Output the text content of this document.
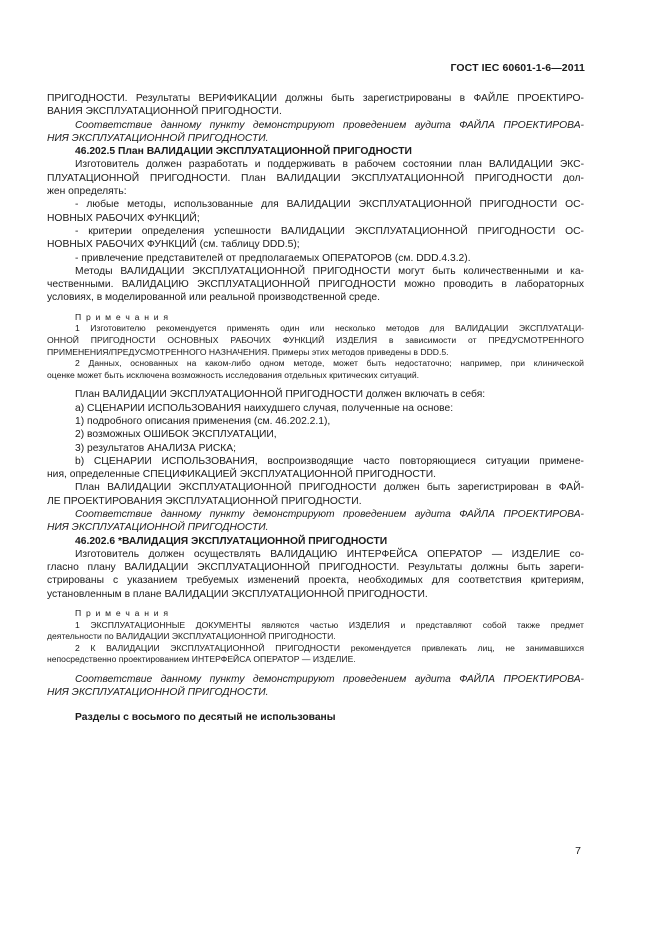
ГОСТ IEC 60601-1-6—2011
ПРИГОДНОСТИ. Результаты ВЕРИФИКАЦИИ должны быть зарегистрированы в ФАЙЛЕ ПРОЕКТИРО-
ВАНИЯ ЭКСПЛУАТАЦИОННОЙ ПРИГОДНОСТИ.
Соответствие данному пункту демонстрируют проведением аудита ФАЙЛА ПРОЕКТИРОВА-
НИЯ ЭКСПЛУАТАЦИОННОЙ ПРИГОДНОСТИ.
46.202.5 План ВАЛИДАЦИИ ЭКСПЛУАТАЦИОННОЙ ПРИГОДНОСТИ
Изготовитель должен разработать и поддерживать в рабочем состоянии план ВАЛИДАЦИИ ЭКС-
ПЛУАТАЦИОННОЙ ПРИГОДНОСТИ. План ВАЛИДАЦИИ ЭКСПЛУАТАЦИОННОЙ ПРИГОДНОСТИ дол-
жен определять:
- любые методы, использованные для ВАЛИДАЦИИ ЭКСПЛУАТАЦИОННОЙ ПРИГОДНОСТИ ОС-
НОВНЫХ РАБОЧИХ ФУНКЦИЙ;
- критерии определения успешности ВАЛИДАЦИИ ЭКСПЛУАТАЦИОННОЙ ПРИГОДНОСТИ ОС-
НОВНЫХ РАБОЧИХ ФУНКЦИЙ (см. таблицу DDD.5);
- привлечение представителей от предполагаемых ОПЕРАТОРОВ (см. DDD.4.3.2).
Методы ВАЛИДАЦИИ ЭКСПЛУАТАЦИОННОЙ ПРИГОДНОСТИ могут быть количественными и ка-
чественными. ВАЛИДАЦИЮ ЭКСПЛУАТАЦИОННОЙ ПРИГОДНОСТИ можно проводить в лабораторных
условиях, в моделированной или реальной производственной среде.
П р и м е ч а н и я
1 Изготовителю рекомендуется применять один или несколько методов для ВАЛИДАЦИИ ЭКСПЛУАТАЦИ-
ОННОЙ ПРИГОДНОСТИ ОСНОВНЫХ РАБОЧИХ ФУНКЦИЙ ИЗДЕЛИЯ в зависимости от ПРЕДУСМОТРЕННОГО
ПРИМЕНЕНИЯ/ПРЕДУСМОТРЕННОГО НАЗНАЧЕНИЯ. Примеры этих методов приведены в DDD.5.
2 Данных, основанных на каком-либо одном методе, может быть недостаточно; например, при клинической
оценке может быть исключена возможность исследования отдельных критических ситуаций.
План ВАЛИДАЦИИ ЭКСПЛУАТАЦИОННОЙ ПРИГОДНОСТИ должен включать в себя:
а) СЦЕНАРИИ ИСПОЛЬЗОВАНИЯ наихудшего случая, полученные на основе:
1) подробного описания применения (см. 46.202.2.1),
2) возможных ОШИБОК ЭКСПЛУАТАЦИИ,
3) результатов АНАЛИЗА РИСКА;
b) СЦЕНАРИИ ИСПОЛЬЗОВАНИЯ, воспроизводящие часто повторяющиеся ситуации примене-
ния, определенные СПЕЦИФИКАЦИЕЙ ЭКСПЛУАТАЦИОННОЙ ПРИГОДНОСТИ.
План ВАЛИДАЦИИ ЭКСПЛУАТАЦИОННОЙ ПРИГОДНОСТИ должен быть зарегистрирован в ФАЙ-
ЛЕ ПРОЕКТИРОВАНИЯ ЭКСПЛУАТАЦИОННОЙ ПРИГОДНОСТИ.
Соответствие данному пункту демонстрируют проведением аудита ФАЙЛА ПРОЕКТИРОВА-
НИЯ ЭКСПЛУАТАЦИОННОЙ ПРИГОДНОСТИ.
46.202.6 *ВАЛИДАЦИЯ ЭКСПЛУАТАЦИОННОЙ ПРИГОДНОСТИ
Изготовитель должен осуществлять ВАЛИДАЦИЮ ИНТЕРФЕЙСА ОПЕРАТОР — ИЗДЕЛИЕ со-
гласно плану ВАЛИДАЦИИ ЭКСПЛУАТАЦИОННОЙ ПРИГОДНОСТИ. Результаты должны быть зареги-
стрированы с указанием требуемых изменений проекта, необходимых для соответствия критериям,
установленным в плане ВАЛИДАЦИИ ЭКСПЛУАТАЦИОННОЙ ПРИГОДНОСТИ.
П р и м е ч а н и я
1 ЭКСПЛУАТАЦИОННЫЕ ДОКУМЕНТЫ являются частью ИЗДЕЛИЯ и представляют собой также предмет
деятельности по ВАЛИДАЦИИ ЭКСПЛУАТАЦИОННОЙ ПРИГОДНОСТИ.
2 К ВАЛИДАЦИИ ЭКСПЛУАТАЦИОННОЙ ПРИГОДНОСТИ рекомендуется привлекать лиц, не занимавшихся
непосредственно проектированием ИНТЕРФЕЙСА ОПЕРАТОР — ИЗДЕЛИЕ.
Соответствие данному пункту демонстрируют проведением аудита ФАЙЛА ПРОЕКТИРОВА-
НИЯ ЭКСПЛУАТАЦИОННОЙ ПРИГОДНОСТИ.
Разделы с восьмого по десятый не использованы
7
